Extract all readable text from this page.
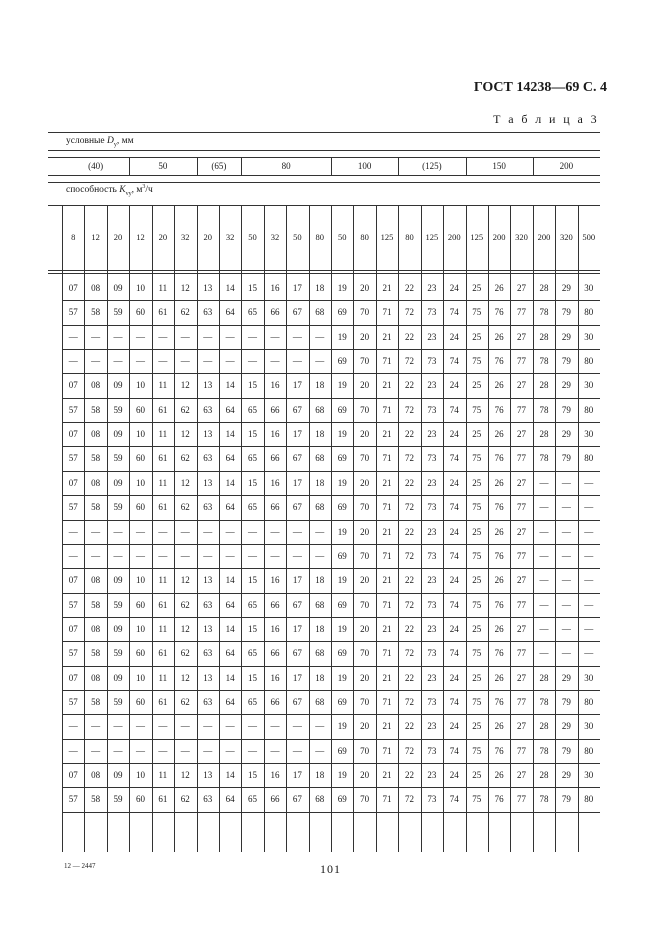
ГОСТ 14238—69 С. 4
Т а б л и ц а 3
условные $D_у$, мм
способность $K_{vy}$, $м^3/ч$
(40)	50	(65)	80	100	(125)	150	200
8	12	20	12	20	32	20	32	50	32	50	80	50	80	125	80	125	200	125	200	320	200	320	500
07	08	09	10	11	12	13	14	15	16	17	18	19	20	21	22	23	24	25	26	27	28	29	30
57	58	59	60	61	62	63	64	65	66	67	68	69	70	71	72	73	74	75	76	77	78	79	80
—	—	—	—	—	—	—	—	—	—	—	—	19	20	21	22	23	24	25	26	27	28	29	30
—	—	—	—	—	—	—	—	—	—	—	—	69	70	71	72	73	74	75	76	77	78	79	80
07	08	09	10	11	12	13	14	15	16	17	18	19	20	21	22	23	24	25	26	27	28	29	30
57	58	59	60	61	62	63	64	65	66	67	68	69	70	71	72	73	74	75	76	77	78	79	80
07	08	09	10	11	12	13	14	15	16	17	18	19	20	21	22	23	24	25	26	27	28	29	30
57	58	59	60	61	62	63	64	65	66	67	68	69	70	71	72	73	74	75	76	77	78	79	80
07	08	09	10	11	12	13	14	15	16	17	18	19	20	21	22	23	24	25	26	27	—	—	—
57	58	59	60	61	62	63	64	65	66	67	68	69	70	71	72	73	74	75	76	77	—	—	—
—	—	—	—	—	—	—	—	—	—	—	—	19	20	21	22	23	24	25	26	27	—	—	—
—	—	—	—	—	—	—	—	—	—	—	—	69	70	71	72	73	74	75	76	77	—	—	—
07	08	09	10	11	12	13	14	15	16	17	18	19	20	21	22	23	24	25	26	27	—	—	—
57	58	59	60	61	62	63	64	65	66	67	68	69	70	71	72	73	74	75	76	77	—	—	—
07	08	09	10	11	12	13	14	15	16	17	18	19	20	21	22	23	24	25	26	27	—	—	—
57	58	59	60	61	62	63	64	65	66	67	68	69	70	71	72	73	74	75	76	77	—	—	—
07	08	09	10	11	12	13	14	15	16	17	18	19	20	21	22	23	24	25	26	27	28	29	30
57	58	59	60	61	62	63	64	65	66	67	68	69	70	71	72	73	74	75	76	77	78	79	80
—	—	—	—	—	—	—	—	—	—	—	—	19	20	21	22	23	24	25	26	27	28	29	30
—	—	—	—	—	—	—	—	—	—	—	—	69	70	71	72	73	74	75	76	77	78	79	80
07	08	09	10	11	12	13	14	15	16	17	18	19	20	21	22	23	24	25	26	27	28	29	30
57	58	59	60	61	62	63	64	65	66	67	68	69	70	71	72	73	74	75	76	77	78	79	80
12 — 2447	101
